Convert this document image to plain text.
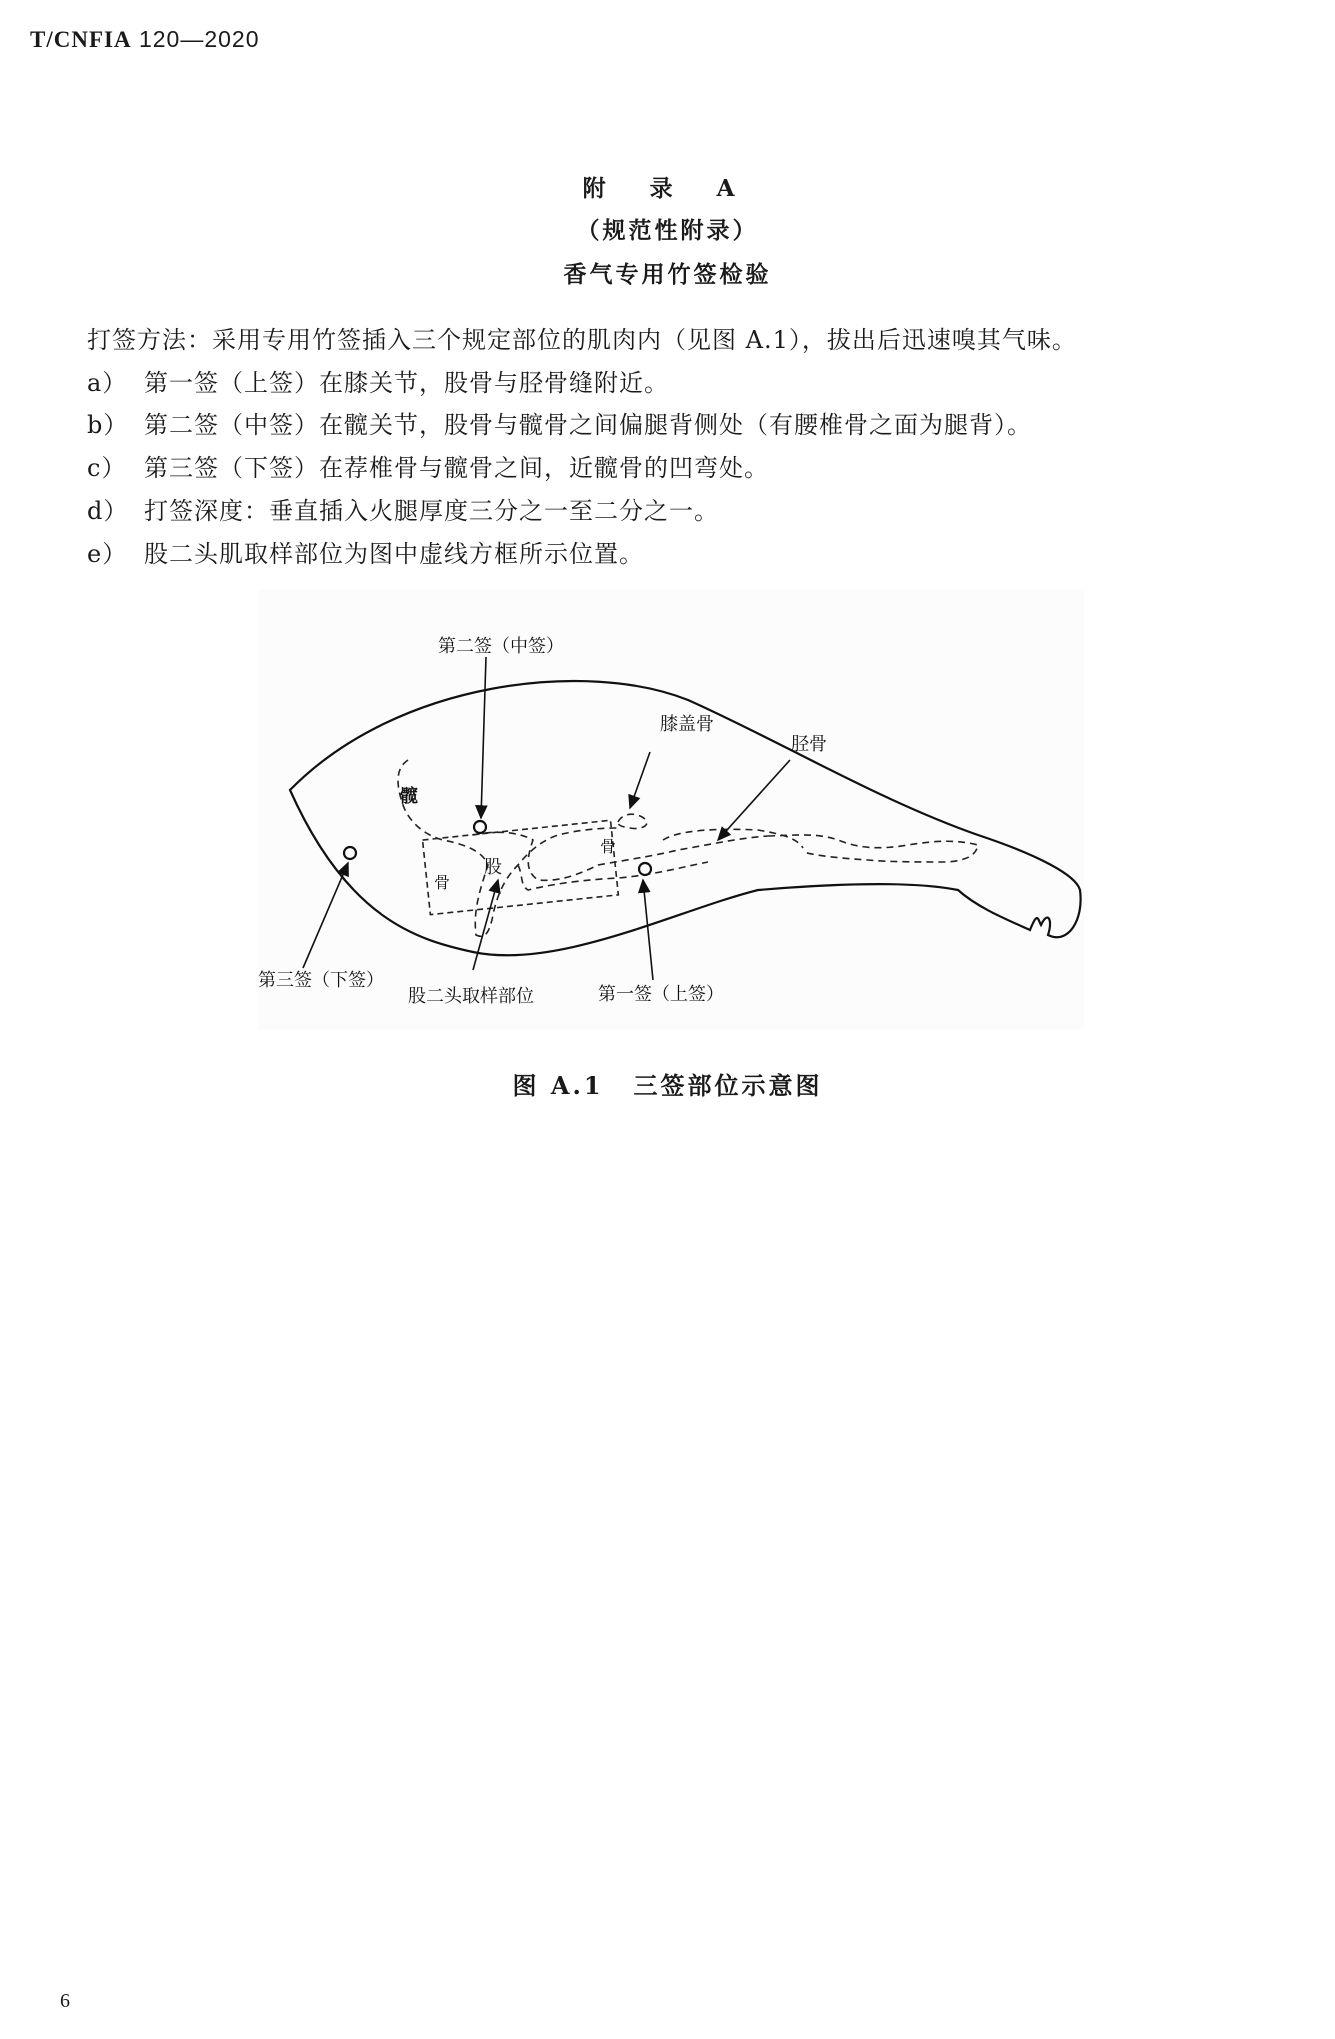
T/CNFIA 120—2020
附 录 A
（规范性附录）
香气专用竹签检验
打签方法：采用专用竹签插入三个规定部位的肌肉内（见图 A.1），拔出后迅速嗅其气味。
a） 第一签（上签）在膝关节，股骨与胫骨缝附近。
b） 第二签（中签）在髋关节，股骨与髋骨之间偏腿背侧处（有腰椎骨之面为腿背）。
c） 第三签（下签）在荐椎骨与髋骨之间，近髋骨的凹弯处。
d） 打签深度：垂直插入火腿厚度三分之一至二分之一。
e） 股二头肌取样部位为图中虚线方框所示位置。
第二签（中签）
膝盖骨
胫骨
髋
骨
股
骨
第三签（下签）
股二头取样部位	第一签（上签）
图 A.1 三签部位示意图
6
